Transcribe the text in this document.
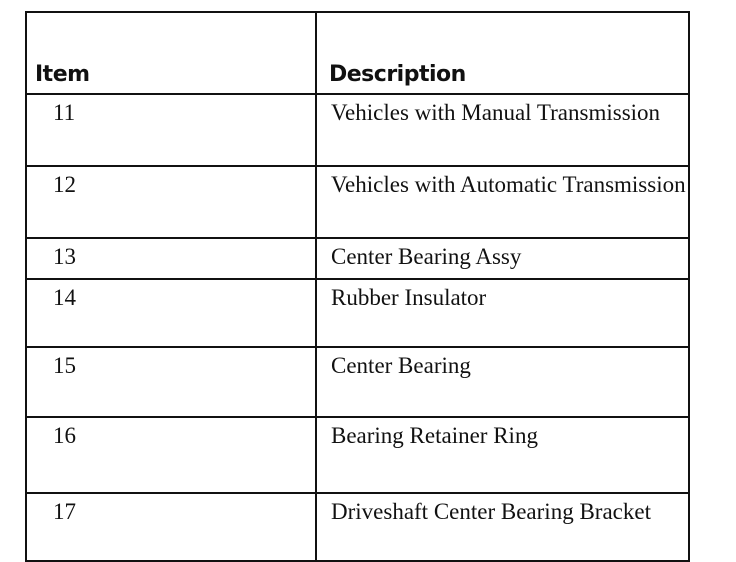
Item	Description
11	Vehicles with Manual Transmission
12	Vehicles with Automatic Transmission
13	Center Bearing Assy
14	Rubber Insulator
15	Center Bearing
16	Bearing Retainer Ring
17	Driveshaft Center Bearing Bracket
